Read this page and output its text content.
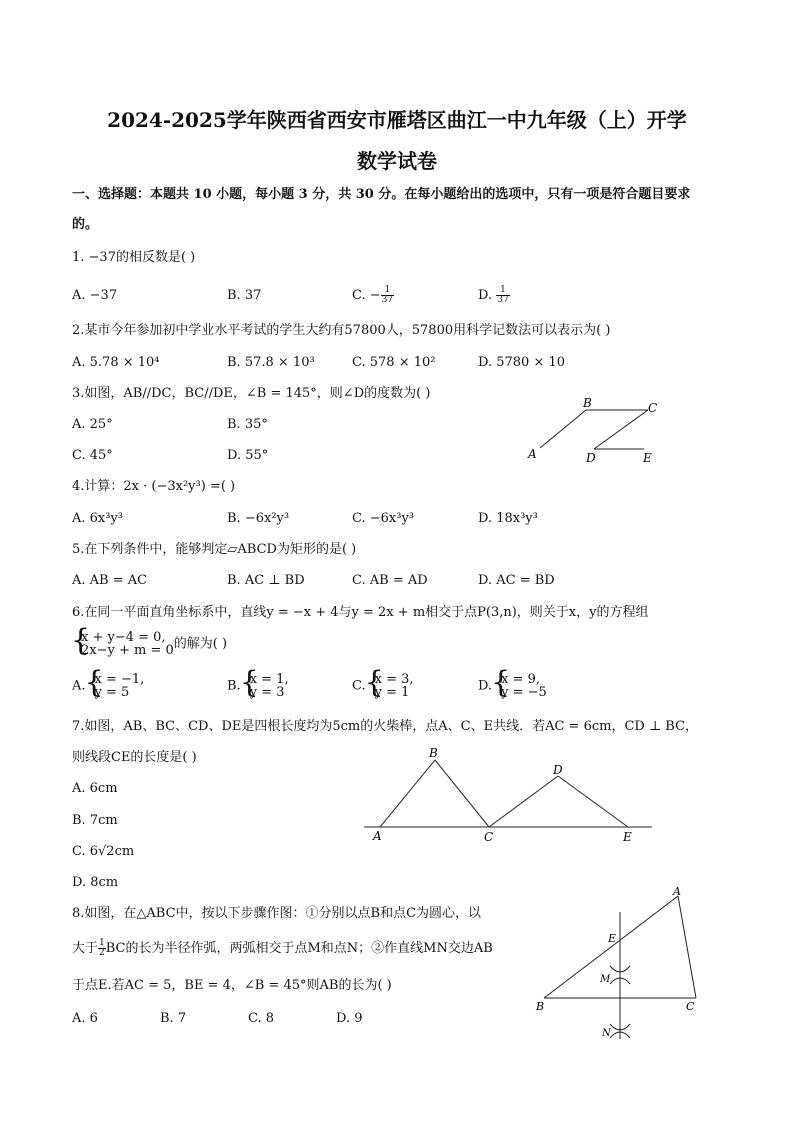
2024-2025学年陕西省西安市雁塔区曲江一中九年级（上）开学
数学试卷
一、选择题：本题共 10 小题，每小题 3 分，共 30 分。在每小题给出的选项中，只有一项是符合题目要求
的。
1. −37的相反数是( )
A. −37	B. 37	C. − $\frac{1}{37}$	D. $\frac{1}{37}$
2.某市今年参加初中学业水平考试的学生大约有57800人，57800用科学记数法可以表示为( )
A. 5.78 × 10⁴	B. 57.8 × 10³	C. 578 × 10²	D. 5780 × 10
3.如图，AB//DC，BC//DE，∠B = 145°，则∠D的度数为( )
A. 25°	B. 35°
C. 45°	D. 55°	A
B	C
D	E
4.计算：2x · (−3x²y³) =( )
A. 6x³y³	B. −6x²y³	C. −6x³y³	D. 18x³y³
5.在下列条件中，能够判定▱ABCD为矩形的是( )
A. AB = AC	B. AC ⊥ BD	C. AB = AD	D. AC = BD
6.在同一平面直角坐标系中，直线y = −x + 4与y = 2x + m相交于点P(3,n)，则关于x，y的方程组
{ x + y−4 = 0,
2x−y + m = 0 的解为( )
A. { x = −1,
y = 5	B. { x = 1,
y = 3	C. { x = 3,
y = 1	D. { x = 9,
y = −5
7.如图，AB、BC、CD、DE是四根长度均为5cm的火柴棒，点A、C、E共线．若AC = 6cm，CD ⊥ BC，
则线段CE的长度是( )
A. 6cm
B. 7cm
C. 6√2cm
D. 8cm
A
B
C
D
E
8.如图，在△ABC中，按以下步骤作图：①分别以点B和点C为圆心，以
大于 $\frac{1}{2}$ BC的长为半径作弧，两弧相交于点M和点N；②作直线MN交边AB
于点E.若AC = 5，BE = 4，∠B = 45°则AB的长为( )
A. 6	B. 7	C. 8	D. 9
A
B	C
E
M
N
